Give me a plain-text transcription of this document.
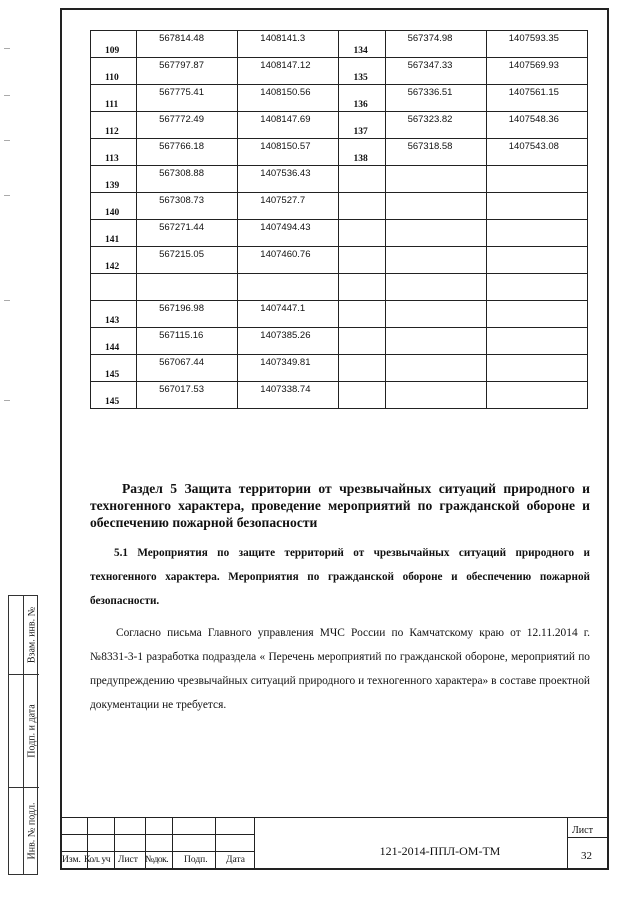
Взам. инв. №
Подп. и дата
Инв. № подл.
109	567814.48	1408141.3	134	567374.98	1407593.35

110	567797.87	1408147.12	135	567347.33	1407569.93

111	567775.41	1408150.56	136	567336.51	1407561.15

112	567772.49	1408147.69	137	567323.82	1407548.36

113	567766.18	1408150.57	138	567318.58	1407543.08

139	567308.88	1407536.43			

140	567308.73	1407527.7			

141	567271.44	1407494.43			

142	567215.05	1407460.76			

143	567196.98	1407447.1			

144	567115.16	1407385.26			

145	567067.44	1407349.81			

145	567017.53	1407338.74			

Раздел 5 Защита территории от чрезвычайных ситуаций природного и техногенного характера, проведение мероприятий по гражданской обороне и обеспечению пожарной безопасности

5.1 Мероприятия по защите территорий от чрезвычайных ситуаций природного и техногенного характера. Мероприятия по гражданской обороне и обеспечению пожарной безопасности.

Согласно письма Главного управления МЧС России по Камчатскому краю от 12.11.2014 г. №8331-3-1 разработка подраздела « Перечень мероприятий по гражданской обороне, мероприятий по предупреждению чрезвычайных ситуаций природного и техногенного характера» в составе проектной документации не требуется.

Изм. Кол. уч Лист №док. Подп. Дата
121-2014-ППЛ-ОМ-ТМ
Лист
32
